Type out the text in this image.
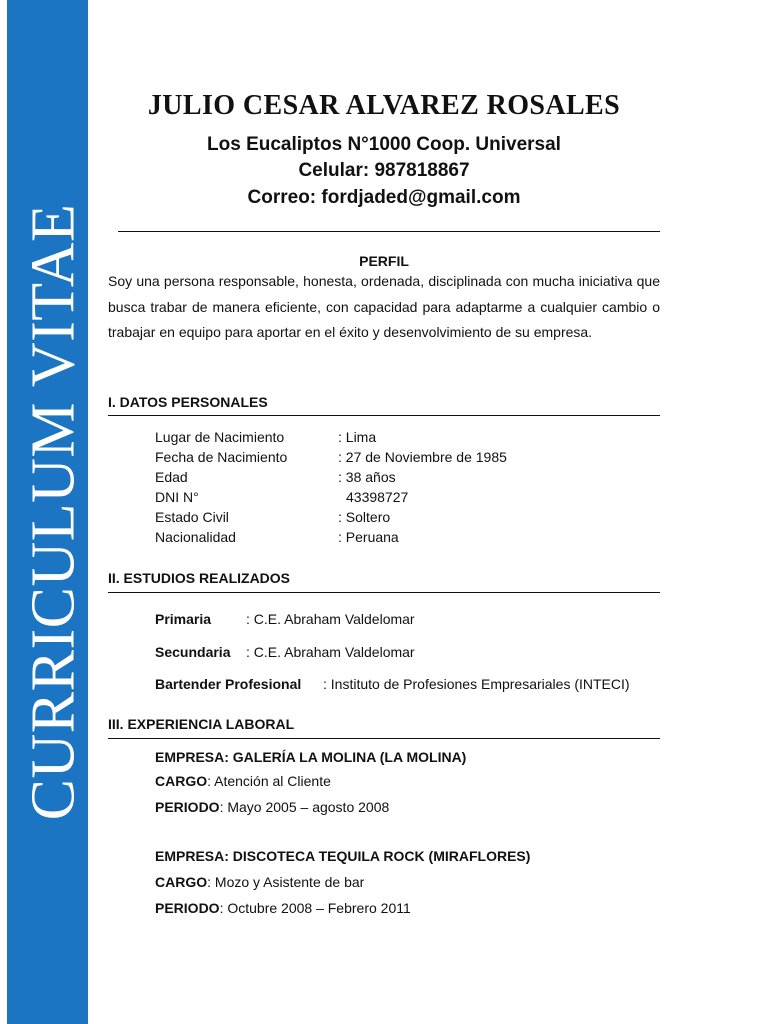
CURRICULUM VITAE
JULIO CESAR ALVAREZ ROSALES
Los Eucaliptos N°1000 Coop. Universal
Celular: 987818867
Correo: fordjaded@gmail.com
PERFIL
Soy una persona responsable, honesta, ordenada, disciplinada con mucha iniciativa que busca trabar de manera eficiente, con capacidad para adaptarme a cualquier cambio o trabajar en equipo para aportar en el éxito y desenvolvimiento de su empresa.
I. DATOS PERSONALES
Lugar de Nacimiento	: Lima
Fecha de Nacimiento	: 27 de Noviembre de 1985
Edad	: 38 años
DNI N°	43398727
Estado Civil	: Soltero
Nacionalidad	: Peruana
II. ESTUDIOS REALIZADOS
Primaria : C.E. Abraham Valdelomar
Secundaria : C.E. Abraham Valdelomar
Bartender Profesional : Instituto de Profesiones Empresariales (INTECI)
III. EXPERIENCIA LABORAL
EMPRESA: GALERÍA LA MOLINA (LA MOLINA)
CARGO: Atención al Cliente
PERIODO: Mayo 2005 – agosto 2008
EMPRESA: DISCOTECA TEQUILA ROCK (MIRAFLORES)
CARGO: Mozo y Asistente de bar
PERIODO: Octubre 2008 – Febrero 2011
